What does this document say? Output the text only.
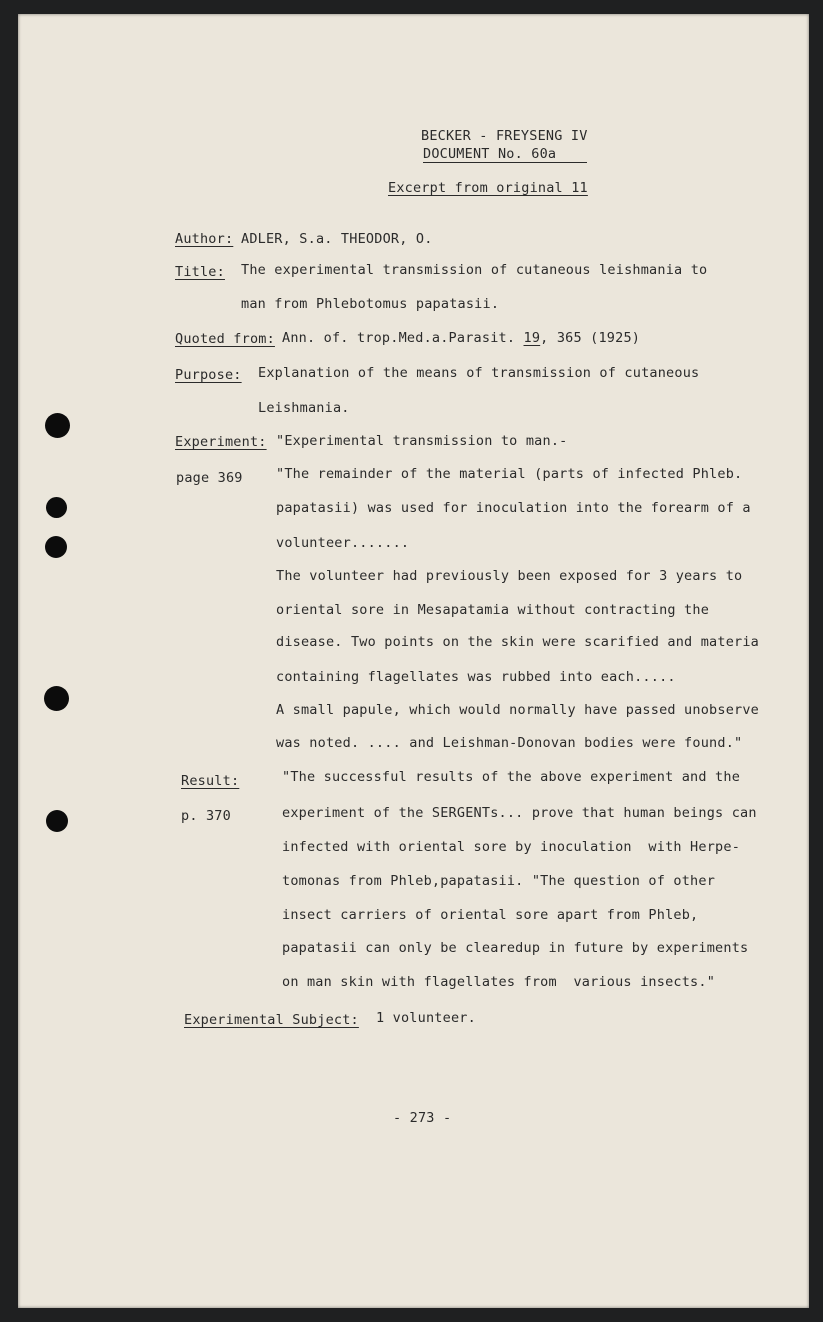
BECKER - FREYSENG IV
DOCUMENT No. 60a
Excerpt from original 11
Author: ADLER, S.a. THEODOR, O.
Title: The experimental transmission of cutaneous leishmania to
man from Phlebotomus papatasii.
Quoted from: Ann. of. trop.Med.a.Parasit. 19, 365 (1925)
Purpose: Explanation of the means of transmission of cutaneous
Leishmania.
Experiment: "Experimental transmission to man.-
page 369 "The remainder of the material (parts of infected Phleb.
papatasii) was used for inoculation into the forearm of a
volunteer.......
The volunteer had previously been exposed for 3 years to
oriental sore in Mesapatamia without contracting the
disease. Two points on the skin were scarified and materia
containing flagellates was rubbed into each.....
A small papule, which would normally have passed unobserve
was noted. .... and Leishman-Donovan bodies were found."
Result:
p. 370
"The successful results of the above experiment and the
experiment of the SERGENTs... prove that human beings can
infected with oriental sore by inoculation  with Herpe-
tomonas from Phleb,papatasii. "The question of other
insect carriers of oriental sore apart from Phleb,
papatasii can only be clearedup in future by experiments
on man skin with flagellates from  various insects."
Experimental Subject: 1 volunteer.
- 273 -
